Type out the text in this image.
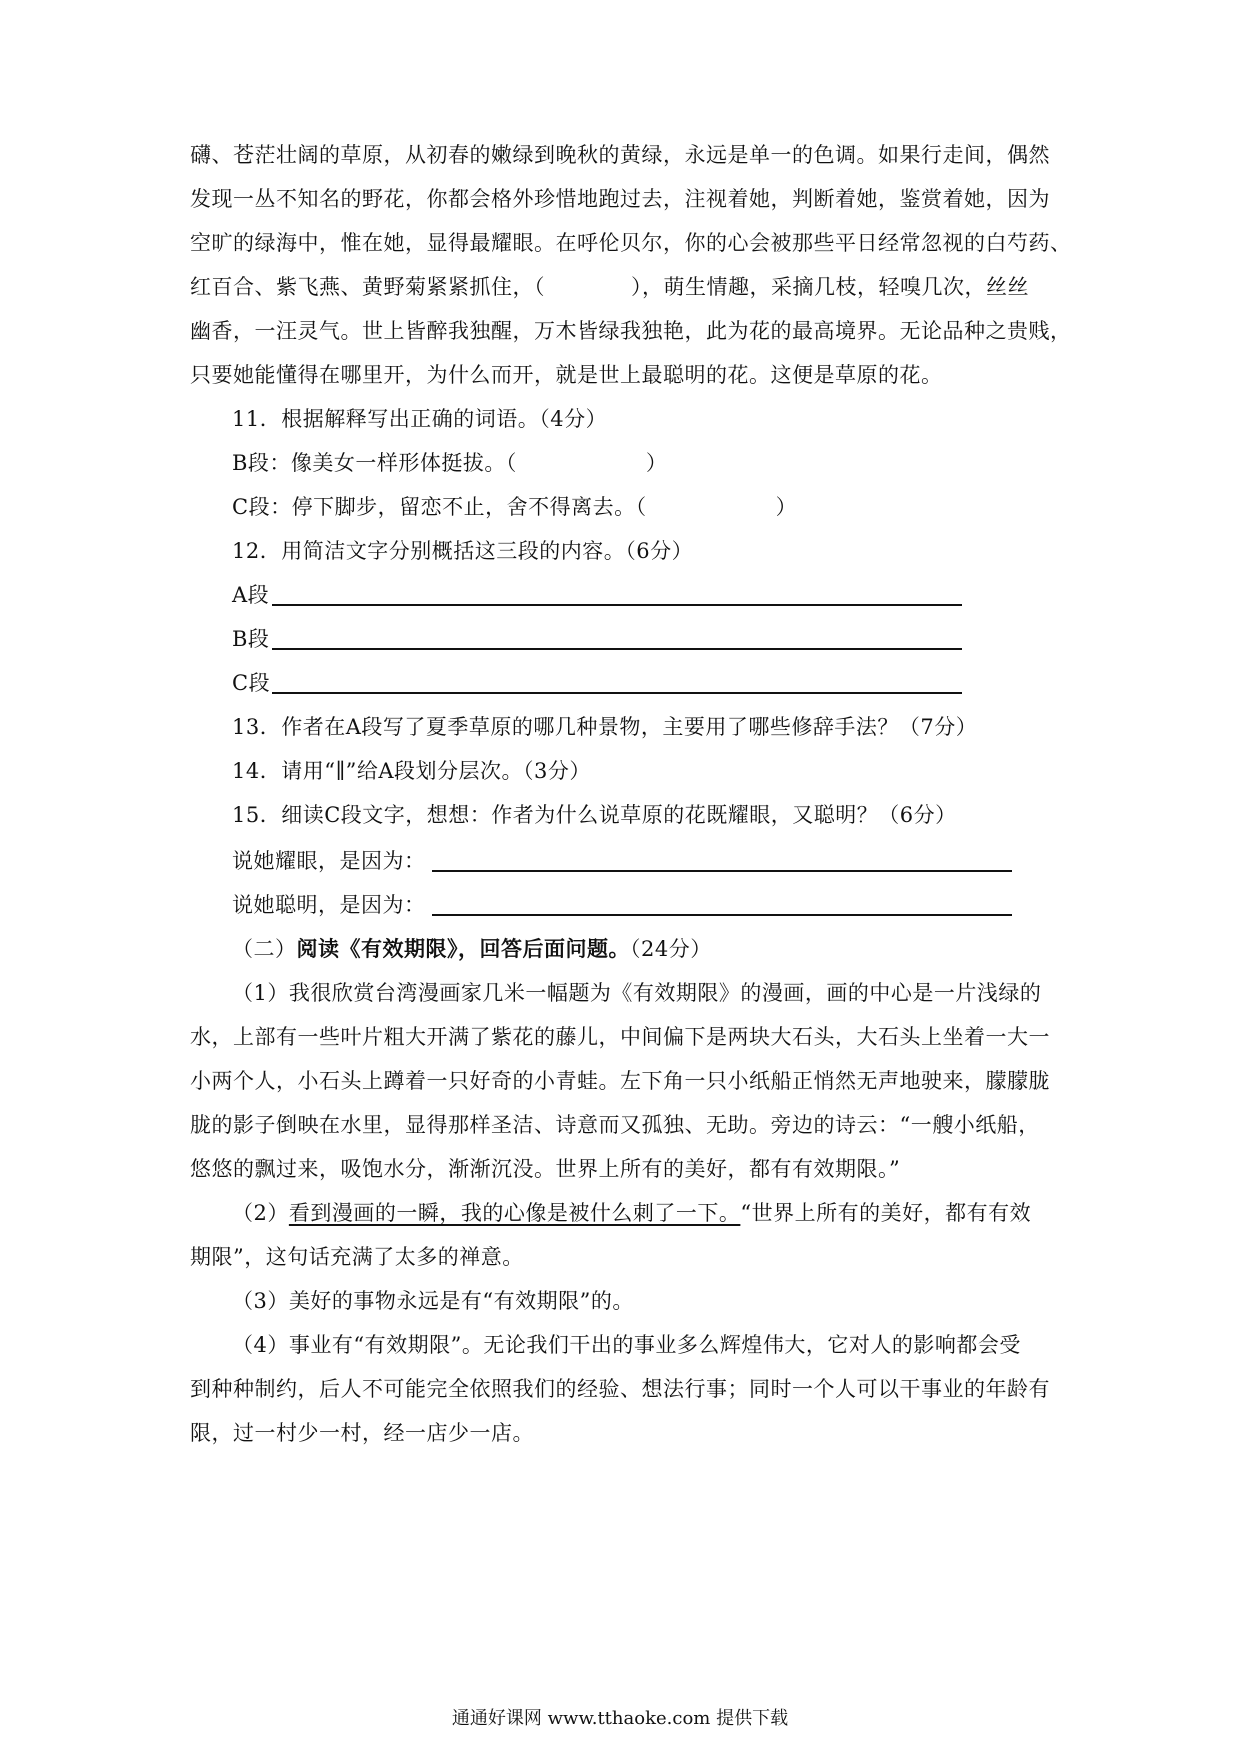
礴、苍茫壮阔的草原，从初春的嫩绿到晚秋的黄绿，永远是单一的色调。如果行走间，偶然
发现一丛不知名的野花，你都会格外珍惜地跑过去，注视着她，判断着她，鉴赏着她，因为
空旷的绿海中，惟在她，显得最耀眼。在呼伦贝尔，你的心会被那些平日经常忽视的白芍药、
红百合、紫飞燕、黄野菊紧紧抓住，（　　　　），萌生情趣，采摘几枝，轻嗅几次，丝丝
幽香，一汪灵气。世上皆醉我独醒，万木皆绿我独艳，此为花的最高境界。无论品种之贵贱，
只要她能懂得在哪里开，为什么而开，就是世上最聪明的花。这便是草原的花。
11．根据解释写出正确的词语。（4分）
B段：像美女一样形体挺拔。（　　　　　　）
C段：停下脚步，留恋不止，舍不得离去。（　　　　　　）
12．用简洁文字分别概括这三段的内容。（6分）
A段
B段
C段
13．作者在A段写了夏季草原的哪几种景物，主要用了哪些修辞手法？（7分）
14．请用“∥”给A段划分层次。（3分）
15．细读C段文字，想想：作者为什么说草原的花既耀眼，又聪明？（6分）
说她耀眼，是因为：
说她聪明，是因为：
（二）阅读《有效期限》，回答后面问题。（24分）
（1）我很欣赏台湾漫画家几米一幅题为《有效期限》的漫画，画的中心是一片浅绿的
水，上部有一些叶片粗大开满了紫花的藤儿，中间偏下是两块大石头，大石头上坐着一大一
小两个人，小石头上蹲着一只好奇的小青蛙。左下角一只小纸船正悄然无声地驶来，朦朦胧
胧的影子倒映在水里，显得那样圣洁、诗意而又孤独、无助。旁边的诗云：“一艘小纸船，
悠悠的飘过来，吸饱水分，渐渐沉没。世界上所有的美好，都有有效期限。”
（2）看到漫画的一瞬，我的心像是被什么刺了一下。“世界上所有的美好，都有有效
期限”，这句话充满了太多的禅意。
（3）美好的事物永远是有“有效期限”的。
（4）事业有“有效期限”。无论我们干出的事业多么辉煌伟大，它对人的影响都会受
到种种制约，后人不可能完全依照我们的经验、想法行事；同时一个人可以干事业的年龄有
限，过一村少一村，经一店少一店。
通通好课网 www.tthaoke.com 提供下载
